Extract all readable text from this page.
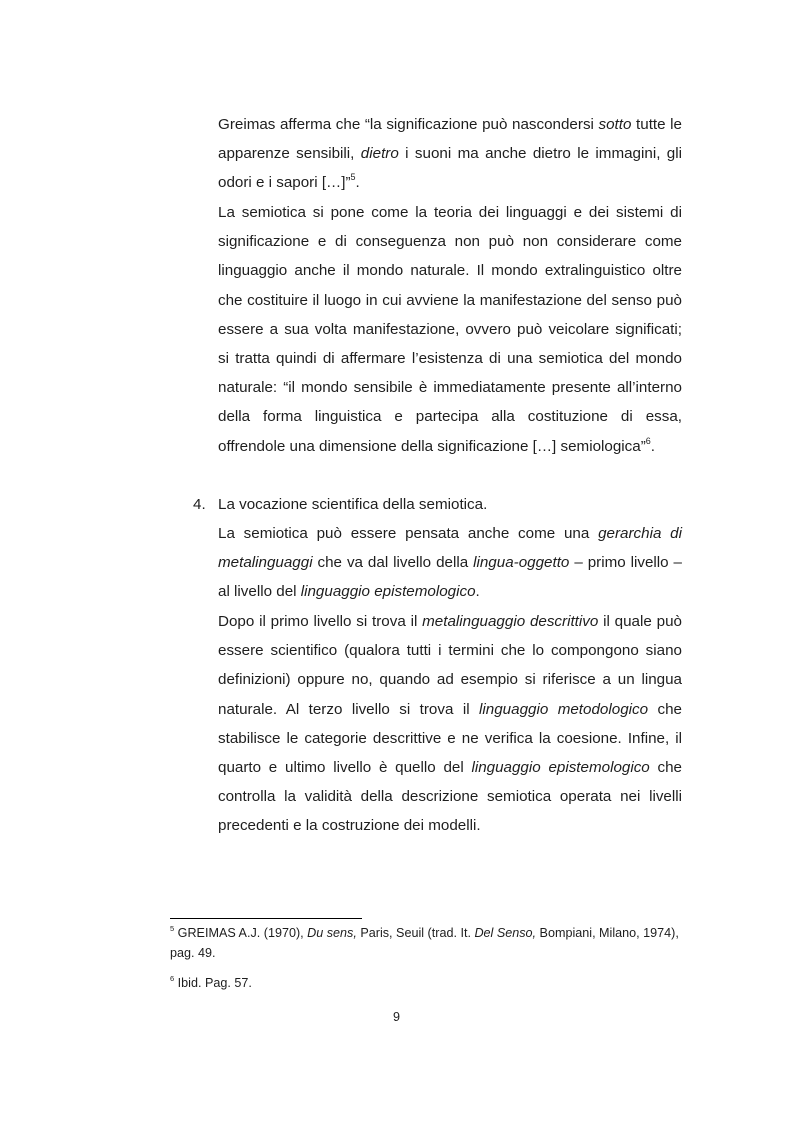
Greimas afferma che “la significazione può nascondersi sotto tutte le apparenze sensibili, dietro i suoni ma anche dietro le immagini, gli odori e i sapori […]”$^5$.

La semiotica si pone come la teoria dei linguaggi e dei sistemi di significazione e di conseguenza non può non considerare come linguaggio anche il mondo naturale. Il mondo extralinguistico oltre che costituire il luogo in cui avviene la manifestazione del senso può essere a sua volta manifestazione, ovvero può veicolare significati; si tratta quindi di affermare l’esistenza di una semiotica del mondo naturale: “il mondo sensibile è immediatamente presente all’interno della forma linguistica e partecipa alla costituzione di essa, offrendole una dimensione della significazione […] semiologica”$^6$.

4. La vocazione scientifica della semiotica.

La semiotica può essere pensata anche come una gerarchia di metalinguaggi che va dal livello della lingua-oggetto – primo livello – al livello del linguaggio epistemologico.

Dopo il primo livello si trova il metalinguaggio descrittivo il quale può essere scientifico (qualora tutti i termini che lo compongono siano definizioni) oppure no, quando ad esempio si riferisce a un lingua naturale. Al terzo livello si trova il linguaggio metodologico che stabilisce le categorie descrittive e ne verifica la coesione. Infine, il quarto e ultimo livello è quello del linguaggio epistemologico che controlla la validità della descrizione semiotica operata nei livelli precedenti e la costruzione dei modelli.

$^5$ GREIMAS A.J. (1970), Du sens, Paris, Seuil (trad. It. Del Senso, Bompiani, Milano, 1974), pag. 49.
$^6$ Ibid. Pag. 57.
9
